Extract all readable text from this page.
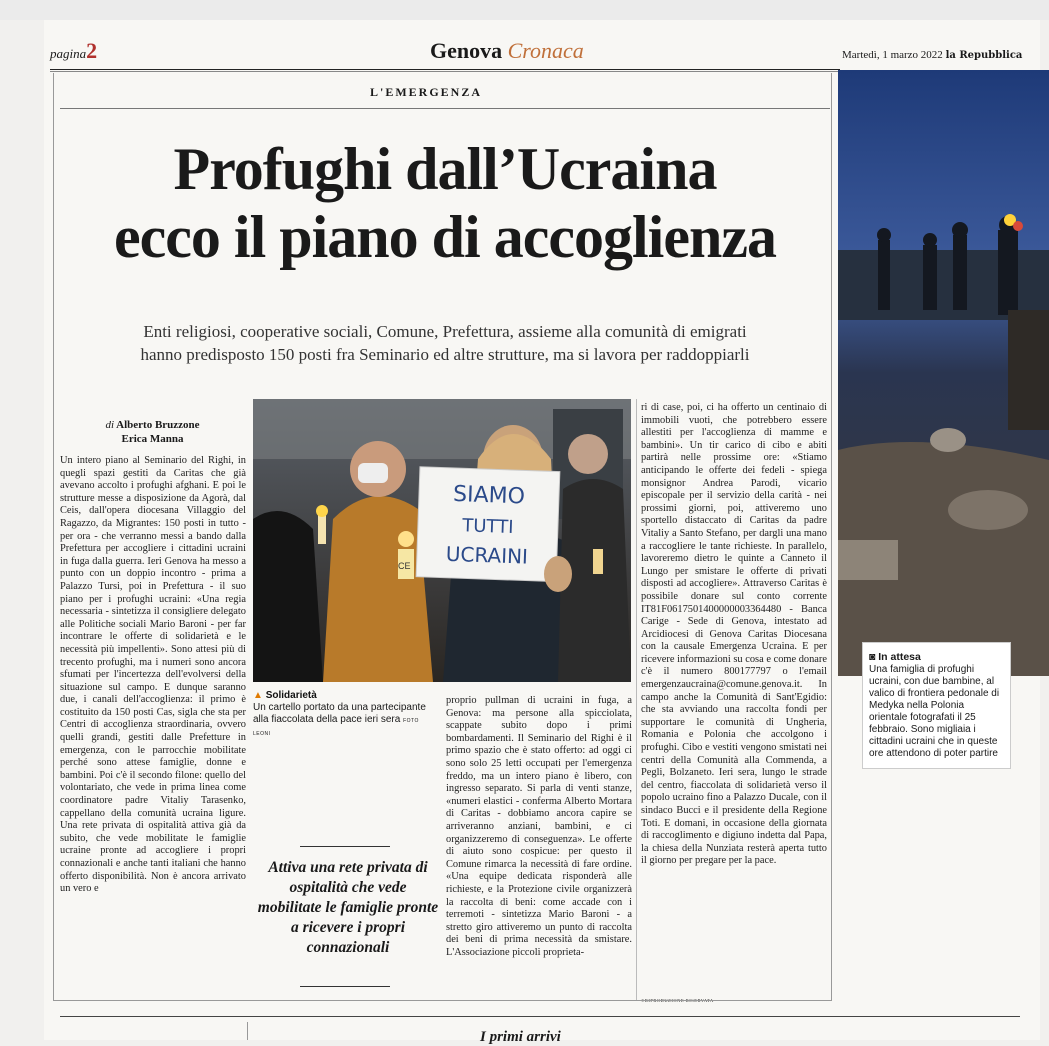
pagina2	Genova Cronaca	Martedì, 1 marzo 2022 la Repubblica
L'EMERGENZA
Profughi dall’Ucraina
ecco il piano di accoglienza
Enti religiosi, cooperative sociali, Comune, Prefettura, assieme alla comunità di emigrati
hanno predisposto 150 posti fra Seminario ed altre strutture, ma si lavora per raddoppiarli
di Alberto Bruzzone
Erica Manna
Un intero piano al Seminario del Righi, in quegli spazi gestiti da Caritas che già avevano accolto i profughi afghani. E poi le strutture messe a disposizione da Agorà, dal Ceis, dall'opera diocesana Villaggio del Ragazzo, da Migrantes: 150 posti in tutto - per ora - che verranno messi a bando dalla Prefettura per accogliere i cittadini ucraini in fuga dalla guerra. Ieri Genova ha messo a punto con un doppio incontro - prima a Palazzo Tursi, poi in Prefettura - il suo piano per i profughi ucraini: «Una regia necessaria - sintetizza il consigliere delegato alle Politiche sociali Mario Baroni - per far incontrare le offerte di solidarietà e le necessità più impellenti». Sono attesi più di trecento profughi, ma i numeri sono ancora sfumati per l'incertezza dell'evolversi della situazione sul campo. E dunque saranno due, i canali dell'accoglienza: il primo è costituito da 150 posti Cas, sigla che sta per Centri di accoglienza straordinaria, ovvero quelli grandi, gestiti dalle Prefetture in emergenza, con le parrocchie mobilitate perché sono attese famiglie, donne e bambini. Poi c'è il secondo filone: quello del volontariato, che vede in prima linea come coordinatore padre Vitaliy Tarasenko, cappellano della comunità ucraina ligure. Una rete privata di ospitalità attiva già da subito, che vede mobilitate le famiglie ucraine pronte ad accogliere i propri connazionali e anche tanti italiani che hanno offerto disponibilità. Non è ancora arrivato un vero e
proprio pullman di ucraini in fuga, a Genova: ma persone alla spicciolata, scappate subito dopo i primi bombardamenti. Il Seminario del Righi è il primo spazio che è stato offerto: ad oggi ci sono solo 25 letti occupati per l'emergenza freddo, ma un intero piano è libero, con ingresso separato. Si parla di venti stanze, «numeri elastici - conferma Alberto Mortara di Caritas - dobbiamo ancora capire se arriveranno anziani, bambini, e ci organizzeremo di conseguenza». Le offerte di aiuto sono cospicue: per questo il Comune rimarca la necessità di fare ordine. «Una equipe dedicata risponderà alle richieste, e la Protezione civile organizzerà la raccolta di beni: come accade con i terremoti - sintetizza Mario Baroni - a stretto giro attiveremo un punto di raccolta dei beni di prima necessità da smistare. L'Associazione piccoli proprieta-
ri di case, poi, ci ha offerto un centinaio di immobili vuoti, che potrebbero essere allestiti per l'accoglienza di mamme e bambini». Un tir carico di cibo e abiti partirà nelle prossime ore: «Stiamo anticipando le offerte dei fedeli - spiega monsignor Andrea Parodi, vicario episcopale per il servizio della carità - nei prossimi giorni, poi, attiveremo uno sportello distaccato di Caritas da padre Vitaliy a Santo Stefano, per dargli una mano a raccogliere le tante richieste. In parallelo, lavoreremo dietro le quinte a Canneto il Lungo per smistare le offerte di privati disposti ad accogliere». Attraverso Caritas è possibile donare sul conto corrente IT81F0617501400000003364480 - Banca Carige - Sede di Genova, intestato ad Arcidiocesi di Genova Caritas Diocesana con la causale Emergenza Ucraina. E per ricevere informazioni su cosa e come donare c'è il numero 800177797 o l'email emergenzaucraina@comune.genova.it. In campo anche la Comunità di Sant'Egidio: che sta avviando una raccolta fondi per supportare le comunità di Ungheria, Romania e Polonia che accolgono i profughi. Cibo e vestiti vengono smistati nei centri della Comunità alla Commenda, a Pegli, Bolzaneto. Ieri sera, lungo le strade del centro, fiaccolata di solidarietà verso il popolo ucraino fino a Palazzo Ducale, con il sindaco Bucci e il presidente della Regione Toti. E domani, in occasione della giornata di raccoglimento e digiuno indetta dal Papa, la chiesa della Nunziata resterà aperta tutto il giorno per pregare per la pace.
CE
SIAMO
TUTTI
UCRAINI
▲ Solidarietà
Un cartello portato da una partecipante alla fiaccolata della pace ieri sera FOTO LEONI
Attiva una rete privata di ospitalità che vede mobilitate le famiglie pronte a ricevere i propri connazionali
◙ In attesa
Una famiglia di profughi ucraini, con due bambine, al valico di frontiera pedonale di Medyka nella Polonia orientale fotografati il 25 febbraio. Sono migliaia i cittadini ucraini che in queste ore attendono di poter partire
I primi arrivi
